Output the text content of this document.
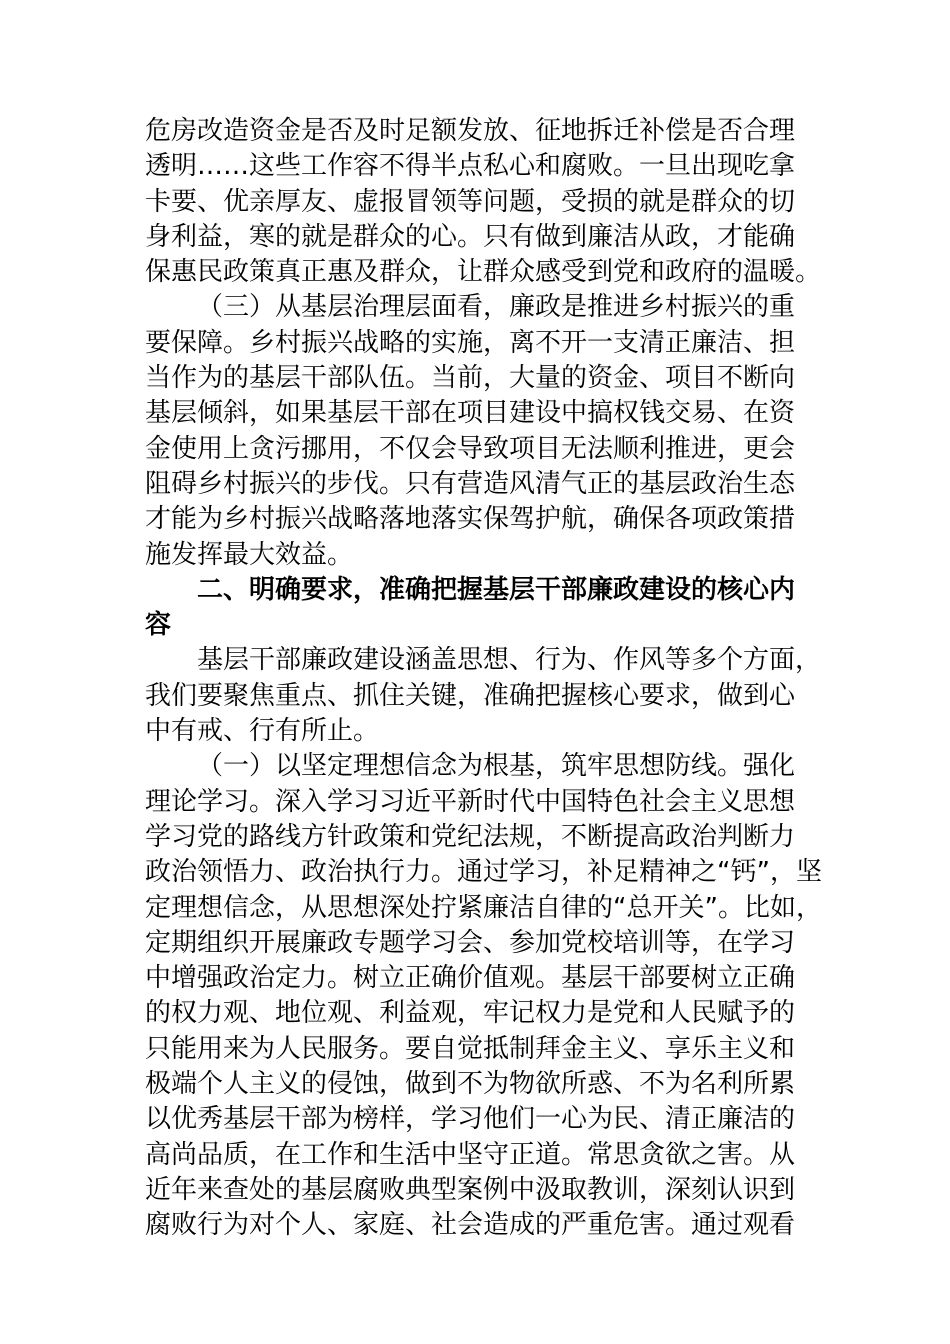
危房改造资金是否及时足额发放、征地拆迁补偿是否合理
透明……这些工作容不得半点私心和腐败。一旦出现吃拿
卡要、优亲厚友、虚报冒领等问题，受损的就是群众的切
身利益，寒的就是群众的心。只有做到廉洁从政，才能确
保惠民政策真正惠及群众，让群众感受到党和政府的温暖。
（三）从基层治理层面看，廉政是推进乡村振兴的重
要保障。乡村振兴战略的实施，离不开一支清正廉洁、担
当作为的基层干部队伍。当前，大量的资金、项目不断向
基层倾斜，如果基层干部在项目建设中搞权钱交易、在资
金使用上贪污挪用，不仅会导致项目无法顺利推进，更会
阻碍乡村振兴的步伐。只有营造风清气正的基层政治生态
才能为乡村振兴战略落地落实保驾护航，确保各项政策措
施发挥最大效益。
二、明确要求，准确把握基层干部廉政建设的核心内
容
基层干部廉政建设涵盖思想、行为、作风等多个方面，
我们要聚焦重点、抓住关键，准确把握核心要求，做到心
中有戒、行有所止。
（一）以坚定理想信念为根基，筑牢思想防线。强化
理论学习。深入学习习近平新时代中国特色社会主义思想
学习党的路线方针政策和党纪法规，不断提高政治判断力
政治领悟力、政治执行力。通过学习，补足精神之“钙”，坚
定理想信念，从思想深处拧紧廉洁自律的“总开关”。比如，
定期组织开展廉政专题学习会、参加党校培训等，在学习
中增强政治定力。树立正确价值观。基层干部要树立正确
的权力观、地位观、利益观，牢记权力是党和人民赋予的
只能用来为人民服务。要自觉抵制拜金主义、享乐主义和
极端个人主义的侵蚀，做到不为物欲所惑、不为名利所累
以优秀基层干部为榜样，学习他们一心为民、清正廉洁的
高尚品质，在工作和生活中坚守正道。常思贪欲之害。从
近年来查处的基层腐败典型案例中汲取教训，深刻认识到
腐败行为对个人、家庭、社会造成的严重危害。通过观看
